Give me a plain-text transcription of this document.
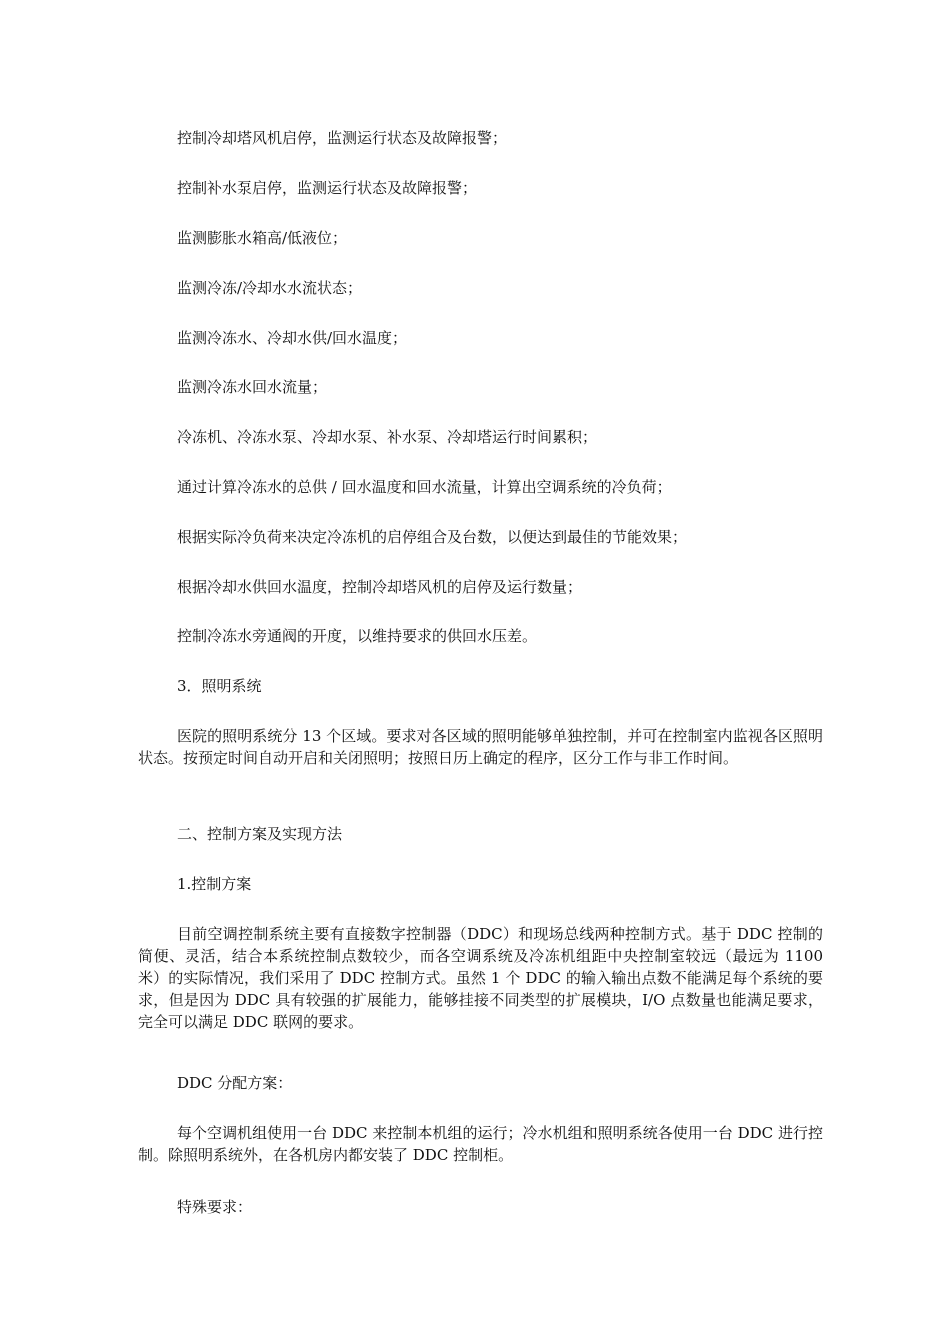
控制冷却塔风机启停，监测运行状态及故障报警；

控制补水泵启停，监测运行状态及故障报警；

监测膨胀水箱高/低液位；

监测冷冻/冷却水水流状态；

监测冷冻水、冷却水供/回水温度；

监测冷冻水回水流量；

冷冻机、冷冻水泵、冷却水泵、补水泵、冷却塔运行时间累积；

通过计算冷冻水的总供 / 回水温度和回水流量，计算出空调系统的冷负荷；

根据实际冷负荷来决定冷冻机的启停组合及台数，以便达到最佳的节能效果；

根据冷却水供回水温度，控制冷却塔风机的启停及运行数量；

控制冷冻水旁通阀的开度，以维持要求的供回水压差。

3．照明系统

医院的照明系统分 13 个区域。要求对各区域的照明能够单独控制，并可在控制室内监视各区照明状态。按预定时间自动开启和关闭照明；按照日历上确定的程序，区分工作与非工作时间。

二、控制方案及实现方法

1.控制方案

目前空调控制系统主要有直接数字控制器（DDC）和现场总线两种控制方式。基于 DDC 控制的简便、灵活，结合本系统控制点数较少，而各空调系统及冷冻机组距中央控制室较远（最远为 1100 米）的实际情况，我们采用了 DDC 控制方式。虽然 1 个 DDC 的输入输出点数不能满足每个系统的要求，但是因为 DDC 具有较强的扩展能力，能够挂接不同类型的扩展模块，I/O 点数量也能满足要求，完全可以满足 DDC 联网的要求。

DDC 分配方案：

每个空调机组使用一台 DDC 来控制本机组的运行；冷水机组和照明系统各使用一台 DDC 进行控制。除照明系统外，在各机房内都安装了 DDC 控制柜。

特殊要求：
